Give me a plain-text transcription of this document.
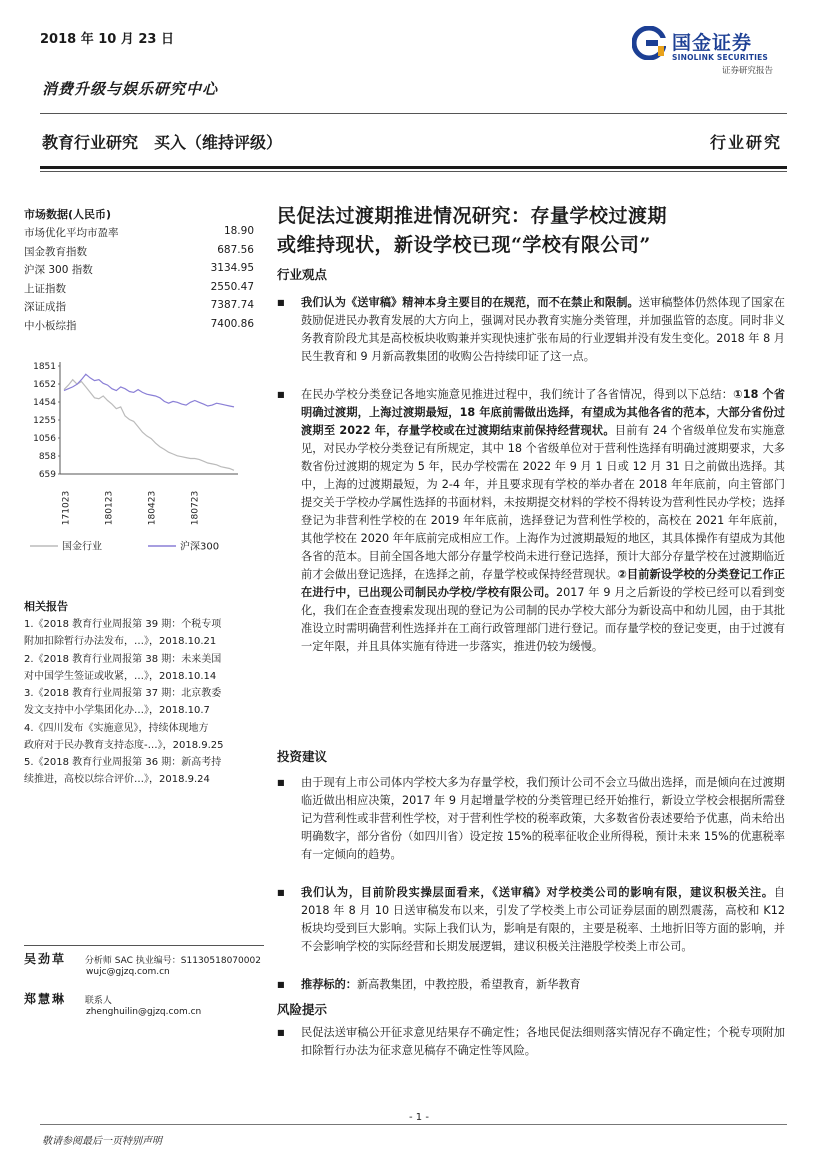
2018 年 10 月 23 日	国金证券
SINOLINK SECURITIES
证券研究报告
消费升级与娱乐研究中心
教育行业研究　买入（维持评级）	行业研究
市场数据(人民币)
市场优化平均市盈率	18.90
国金教育指数	687.56
沪深 300 指数	3134.95
上证指数	2550.47
深证成指	7387.74
中小板综指	7400.86
1851
1652
1454
1255
1056
858
659
171023	180123	180423	180723
国金行业	沪深300
相关报告
1.《2018 教育行业周报第 39 期：个税专项
附加扣除暂行办法发布，…》，2018.10.21
2.《2018 教育行业周报第 38 期：未来美国
对中国学生签证或收紧，…》，2018.10.14
3.《2018 教育行业周报第 37 期：北京教委
发文支持中小学集团化办…》，2018.10.7
4.《四川发布《实施意见》，持续体现地方
政府对于民办教育支持态度-…》，2018.9.25
5.《2018 教育行业周报第 36 期：新高考持
续推进，高校以综合评价…》，2018.9.24
吴劲草 分析师 SAC 执业编号：S1130518070002
wujc@gjzq.com.cn
郑慧琳 联系人
zhenghuilin@gjzq.com.cn
民促法过渡期推进情况研究：存量学校过渡期
或维持现状，新设学校已现“学校有限公司”
行业观点
■	我们认为《送审稿》精神本身主要目的在规范，而不在禁止和限制。送审稿整体仍然体现了国家在鼓励促进民办教育发展的大方向上，强调对民办教育实施分类管理，并加强监管的态度。同时非义务教育阶段尤其是高校板块收购兼并实现快速扩张布局的行业逻辑并没有发生变化。2018 年 8 月民生教育和 9 月新高教集团的收购公告持续印证了这一点。
■	在民办学校分类登记各地实施意见推进过程中，我们统计了各省情况，得到以下总结：①18 个省明确过渡期，上海过渡期最短，18 年底前需做出选择，有望成为其他各省的范本，大部分省份过渡期至 2022 年，存量学校或在过渡期结束前保持经营现状。目前有 24 个省级单位发布实施意见，对民办学校分类登记有所规定，其中 18 个省级单位对于营利性选择有明确过渡期要求，大多数省份过渡期的规定为 5 年，民办学校需在 2022 年 9 月 1 日或 12 月 31 日之前做出选择。其中，上海的过渡期最短，为 2-4 年，并且要求现有学校的举办者在 2018 年年底前，向主管部门提交关于学校办学属性选择的书面材料，未按期提交材料的学校不得转设为营利性民办学校；选择登记为非营利性学校的在 2019 年年底前，选择登记为营利性学校的，高校在 2021 年年底前，其他学校在 2020 年年底前完成相应工作。上海作为过渡期最短的地区，其具体操作有望成为其他各省的范本。目前全国各地大部分存量学校尚未进行登记选择，预计大部分存量学校在过渡期临近前才会做出登记选择，在选择之前，存量学校或保持经营现状。②目前新设学校的分类登记工作正在进行中，已出现公司制民办学校/学校有限公司。2017 年 9 月之后新设的学校已经可以看到变化，我们在企查查搜索发现出现的登记为公司制的民办学校大部分为新设高中和幼儿园，由于其批准设立时需明确营利性选择并在工商行政管理部门进行登记。而存量学校的登记变更，由于过渡有一定年限，并且具体实施有待进一步落实，推进仍较为缓慢。
投资建议
■	由于现有上市公司体内学校大多为存量学校，我们预计公司不会立马做出选择，而是倾向在过渡期临近做出相应决策，2017 年 9 月起增量学校的分类管理已经开始推行，新设立学校会根据所需登记为营利性或非营利性学校，对于营利性学校的税率政策，大多数省份表述要给予优惠，尚未给出明确数字，部分省份（如四川省）设定按 15%的税率征收企业所得税，预计未来 15%的优惠税率有一定倾向的趋势。
■	我们认为，目前阶段实操层面看来，《送审稿》对学校类公司的影响有限，建议积极关注。自 2018 年 8 月 10 日送审稿发布以来，引发了学校类上市公司证券层面的剧烈震荡，高校和 K12 板块均受到巨大影响。实际上我们认为，影响是有限的，主要是税率、土地折旧等方面的影响，并不会影响学校的实际经营和长期发展逻辑，建议积极关注港股学校类上市公司。
■	推荐标的：新高教集团，中教控股，希望教育，新华教育
风险提示
■	民促法送审稿公开征求意见结果存不确定性；各地民促法细则落实情况存不确定性；个税专项附加扣除暂行办法为征求意见稿存不确定性等风险。
- 1 -
敬请参阅最后一页特别声明
